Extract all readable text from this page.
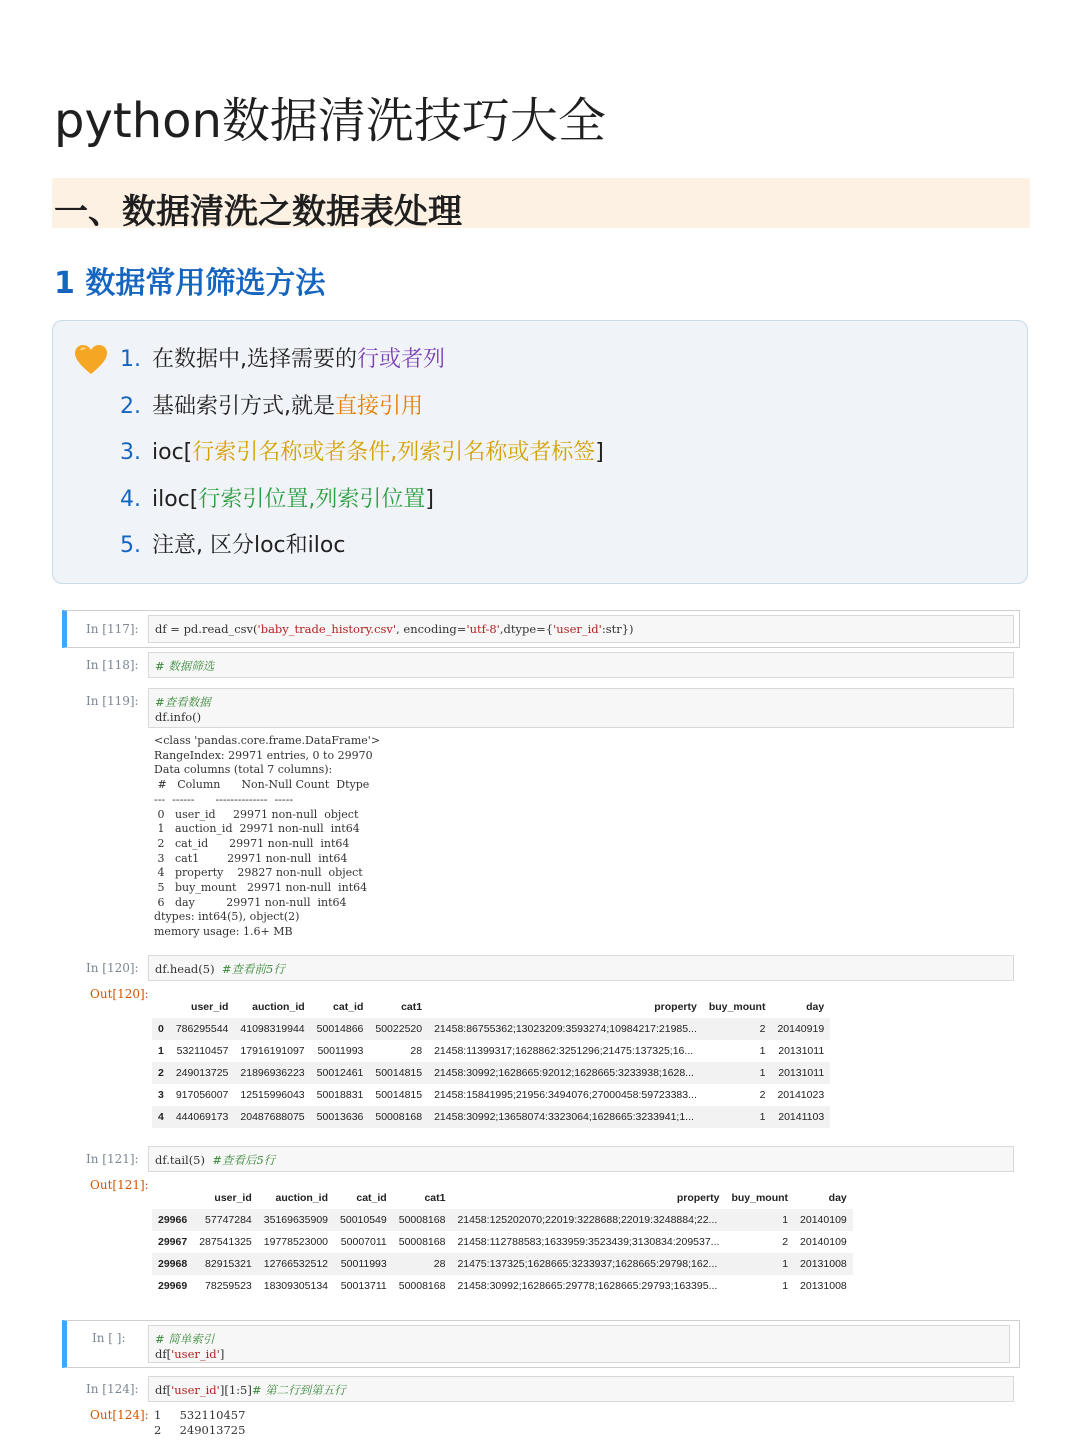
python数据清洗技巧大全
一、数据清洗之数据表处理
1 数据常用筛选方法
1. 在数据中,选择需要的行或者列
2. 基础索引方式,就是直接引用
3. ioc[行索引名称或者条件,列索引名称或者标签]
4. iloc[行索引位置,列索引位置]
5. 注意, 区分loc和iloc
In [117]:	df = pd.read_csv('baby_trade_history.csv', encoding='utf-8',dtype={'user_id':str})
In [118]:	# 数据筛选
In [119]:	#查看数据
df.info()
<class 'pandas.core.frame.DataFrame'>
RangeIndex: 29971 entries, 0 to 29970
Data columns (total 7 columns):
#   Column      Non-Null Count  Dtype
---  ------      --------------  -----
0   user_id     29971 non-null  object
1   auction_id  29971 non-null  int64
2   cat_id      29971 non-null  int64
3   cat1        29971 non-null  int64
4   property    29827 non-null  object
5   buy_mount   29971 non-null  int64
6   day         29971 non-null  int64
dtypes: int64(5), object(2)
memory usage: 1.6+ MB
In [120]:	df.head(5) #查看前5行
Out[120]:
	user_id	auction_id	cat_id	cat1	property	buy_mount	day
0	786295544	41098319944	50014866	50022520	21458:86755362;13023209:3593274;10984217:21985...	2	20140919
1	532110457	17916191097	50011993	28	21458:11399317;1628862:3251296;21475:137325;16...	1	20131011
2	249013725	21896936223	50012461	50014815	21458:30992;1628665:92012;1628665:3233938;1628...	1	20131011
3	917056007	12515996043	50018831	50014815	21458:15841995;21956:3494076;27000458:59723383...	2	20141023
4	444069173	20487688075	50013636	50008168	21458:30992;13658074:3323064;1628665:3233941;1...	1	20141103
In [121]:	df.tail(5) #查看后5行
Out[121]:
	user_id	auction_id	cat_id	cat1	property	buy_mount	day
29966	57747284	35169635909	50010549	50008168	21458:125202070;22019:3228688;22019:3248884;22...	1	20140109
29967	287541325	19778523000	50007011	50008168	21458:112788583;1633959:3523439;3130834:209537...	2	20140109
29968	82915321	12766532512	50011993	28	21475:137325;1628665:3233937;1628665:29798;162...	1	20131008
29969	78259523	18309305134	50013711	50008168	21458:30992;1628665:29778;1628665:29793;163395...	1	20131008
In [ ]:	# 简单索引
df['user_id']
In [124]:	df['user_id'][1:5]# 第二行到第五行
Out[124]: 1     532110457
2     249013725
